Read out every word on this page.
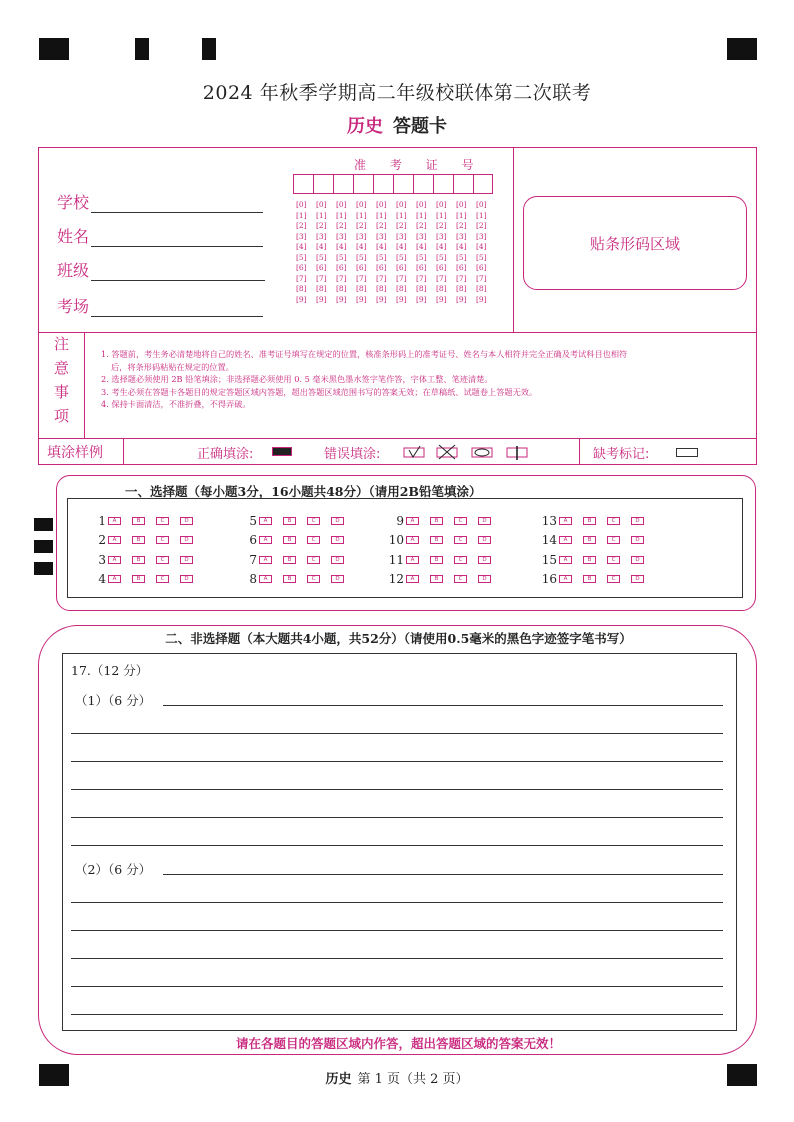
2024 年秋季学期高二年级校联体第二次联考
历史 答题卡
学校
姓名
班级
考场
准 考 证 号
[0]	[0]	[0]	[0]	[0]	[0]	[0]	[0]	[0]	[0]
[1]	[1]	[1]	[1]	[1]	[1]	[1]	[1]	[1]	[1]
[2]	[2]	[2]	[2]	[2]	[2]	[2]	[2]	[2]	[2]
[3]	[3]	[3]	[3]	[3]	[3]	[3]	[3]	[3]	[3]
[4]	[4]	[4]	[4]	[4]	[4]	[4]	[4]	[4]	[4]
[5]	[5]	[5]	[5]	[5]	[5]	[5]	[5]	[5]	[5]
[6]	[6]	[6]	[6]	[6]	[6]	[6]	[6]	[6]	[6]
[7]	[7]	[7]	[7]	[7]	[7]	[7]	[7]	[7]	[7]
[8]	[8]	[8]	[8]	[8]	[8]	[8]	[8]	[8]	[8]
[9]	[9]	[9]	[9]	[9]	[9]	[9]	[9]	[9]	[9]
贴条形码区域
注
意
事
项
1. 答题前，考生务必清楚地将自己的姓名、准考证号填写在规定的位置，核准条形码上的准考证号、姓名与本人相符并完全正确及考试科目也相符
后，将条形码粘贴在规定的位置。
2. 选择题必须使用 2B 铅笔填涂；非选择题必须使用 0. 5 毫米黑色墨水签字笔作答，字体工整、笔迹清楚。
3. 考生必须在答题卡各题目的规定答题区域内答题，超出答题区域范围书写的答案无效；在草稿纸、试题卷上答题无效。
4. 保持卡面清洁，不准折叠，不得弄破。
填涂样例	正确填涂:	错误填涂:	缺考标记:
一、选择题（每小题3分，16小题共48分）（请用2B铅笔填涂）
1	A	B	C	D
2	A	B	C	D
3	A	B	C	D
4	A	B	C	D
5	A	B	C	D
6	A	B	C	D
7	A	B	C	D
8	A	B	C	D
9	A	B	C	D
10	A	B	C	D
11	A	B	C	D
12	A	B	C	D
13	A	B	C	D
14	A	B	C	D
15	A	B	C	D
16	A	B	C	D
二、非选择题（本大题共4小题，共52分）（请使用0.5毫米的黑色字迹签字笔书写）
17.（12 分）
（1）（6 分）
（2）（6 分）
请在各题目的答题区域内作答，超出答题区域的答案无效！
历史 第 1 页（共 2 页）
